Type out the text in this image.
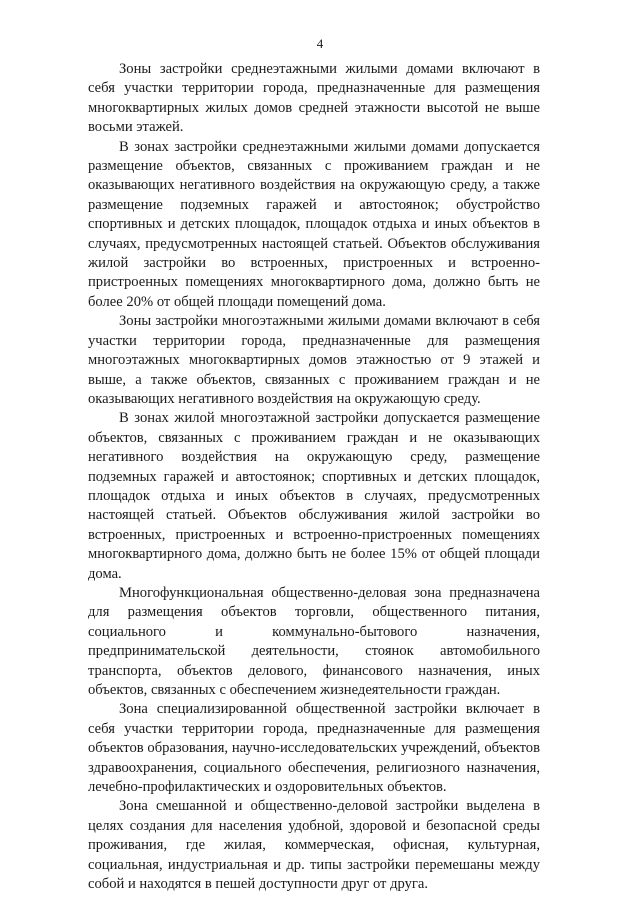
4

Зоны застройки среднеэтажными жилыми домами включают в себя участки территории города, предназначенные для размещения многоквартирных жилых домов средней этажности высотой не выше восьми этажей.

В зонах застройки среднеэтажными жилыми домами допускается размещение объектов, связанных с проживанием граждан и не оказывающих негативного воздействия на окружающую среду, а также размещение подземных гаражей и автостоянок; обустройство спортивных и детских площадок, площадок отдыха и иных объектов в случаях, предусмотренных настоящей статьей. Объектов обслуживания жилой застройки во встроенных, пристроенных и встроенно-пристроенных помещениях многоквартирного дома, должно быть не более 20% от общей площади помещений дома.

Зоны застройки многоэтажными жилыми домами включают в себя участки территории города, предназначенные для размещения многоэтажных многоквартирных домов этажностью от 9 этажей и выше, а также объектов, связанных с проживанием граждан и не оказывающих негативного воздействия на окружающую среду.

В зонах жилой многоэтажной застройки допускается размещение объектов, связанных с проживанием граждан и не оказывающих негативного воздействия на окружающую среду, размещение подземных гаражей и автостоянок; спортивных и детских площадок, площадок отдыха и иных объектов в случаях, предусмотренных настоящей статьей. Объектов обслуживания жилой застройки во встроенных, пристроенных и встроенно-пристроенных помещениях многоквартирного дома, должно быть не более 15% от общей площади дома.

Многофункциональная общественно-деловая зона предназначена для размещения объектов торговли, общественного питания, социального и коммунально-бытового назначения, предпринимательской деятельности, стоянок автомобильного транспорта, объектов делового, финансового назначения, иных объектов, связанных с обеспечением жизнедеятельности граждан.

Зона специализированной общественной застройки включает в себя участки территории города, предназначенные для размещения объектов образования, научно-исследовательских учреждений, объектов здравоохранения, социального обеспечения, религиозного назначения, лечебно-профилактических и оздоровительных объектов.

Зона смешанной и общественно-деловой застройки выделена в целях создания для населения удобной, здоровой и безопасной среды проживания, где жилая, коммерческая, офисная, культурная, социальная, индустриальная и др. типы застройки перемешаны между собой и находятся в пешей доступности друг от друга.
